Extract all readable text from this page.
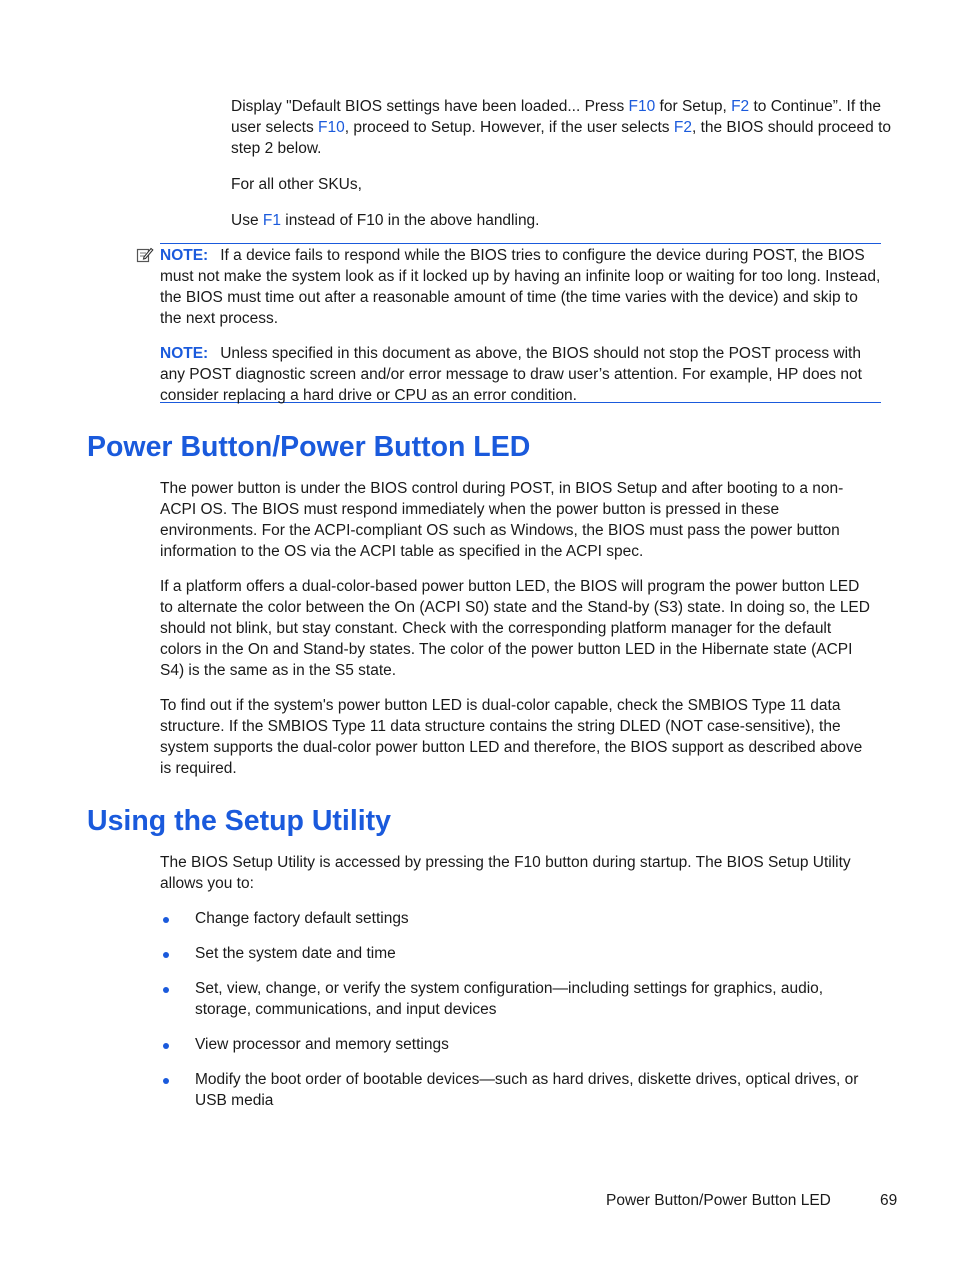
Display "Default BIOS settings have been loaded... Press F10 for Setup, F2 to Continue”. If the user selects F10, proceed to Setup. However, if the user selects F2, the BIOS should proceed to step 2 below.

For all other SKUs,

Use F1 instead of F10 in the above handling.

NOTE: If a device fails to respond while the BIOS tries to configure the device during POST, the BIOS must not make the system look as if it locked up by having an infinite loop or waiting for too long. Instead, the BIOS must time out after a reasonable amount of time (the time varies with the device) and skip to the next process.

NOTE: Unless specified in this document as above, the BIOS should not stop the POST process with any POST diagnostic screen and/or error message to draw user’s attention. For example, HP does not consider replacing a hard drive or CPU as an error condition.

Power Button/Power Button LED

The power button is under the BIOS control during POST, in BIOS Setup and after booting to a non-ACPI OS. The BIOS must respond immediately when the power button is pressed in these environments. For the ACPI-compliant OS such as Windows, the BIOS must pass the power button information to the OS via the ACPI table as specified in the ACPI spec.

If a platform offers a dual-color-based power button LED, the BIOS will program the power button LED to alternate the color between the On (ACPI S0) state and the Stand-by (S3) state. In doing so, the LED should not blink, but stay constant. Check with the corresponding platform manager for the default colors in the On and Stand-by states. The color of the power button LED in the Hibernate state (ACPI S4) is the same as in the S5 state.

To find out if the system's power button LED is dual-color capable, check the SMBIOS Type 11 data structure. If the SMBIOS Type 11 data structure contains the string DLED (NOT case-sensitive), the system supports the dual-color power button LED and therefore, the BIOS support as described above is required.

Using the Setup Utility

The BIOS Setup Utility is accessed by pressing the F10 button during startup. The BIOS Setup Utility allows you to:

Change factory default settings
Set the system date and time
Set, view, change, or verify the system configuration—including settings for graphics, audio, storage, communications, and input devices
View processor and memory settings
Modify the boot order of bootable devices—such as hard drives, diskette drives, optical drives, or USB media
Power Button/Power Button LED	69
